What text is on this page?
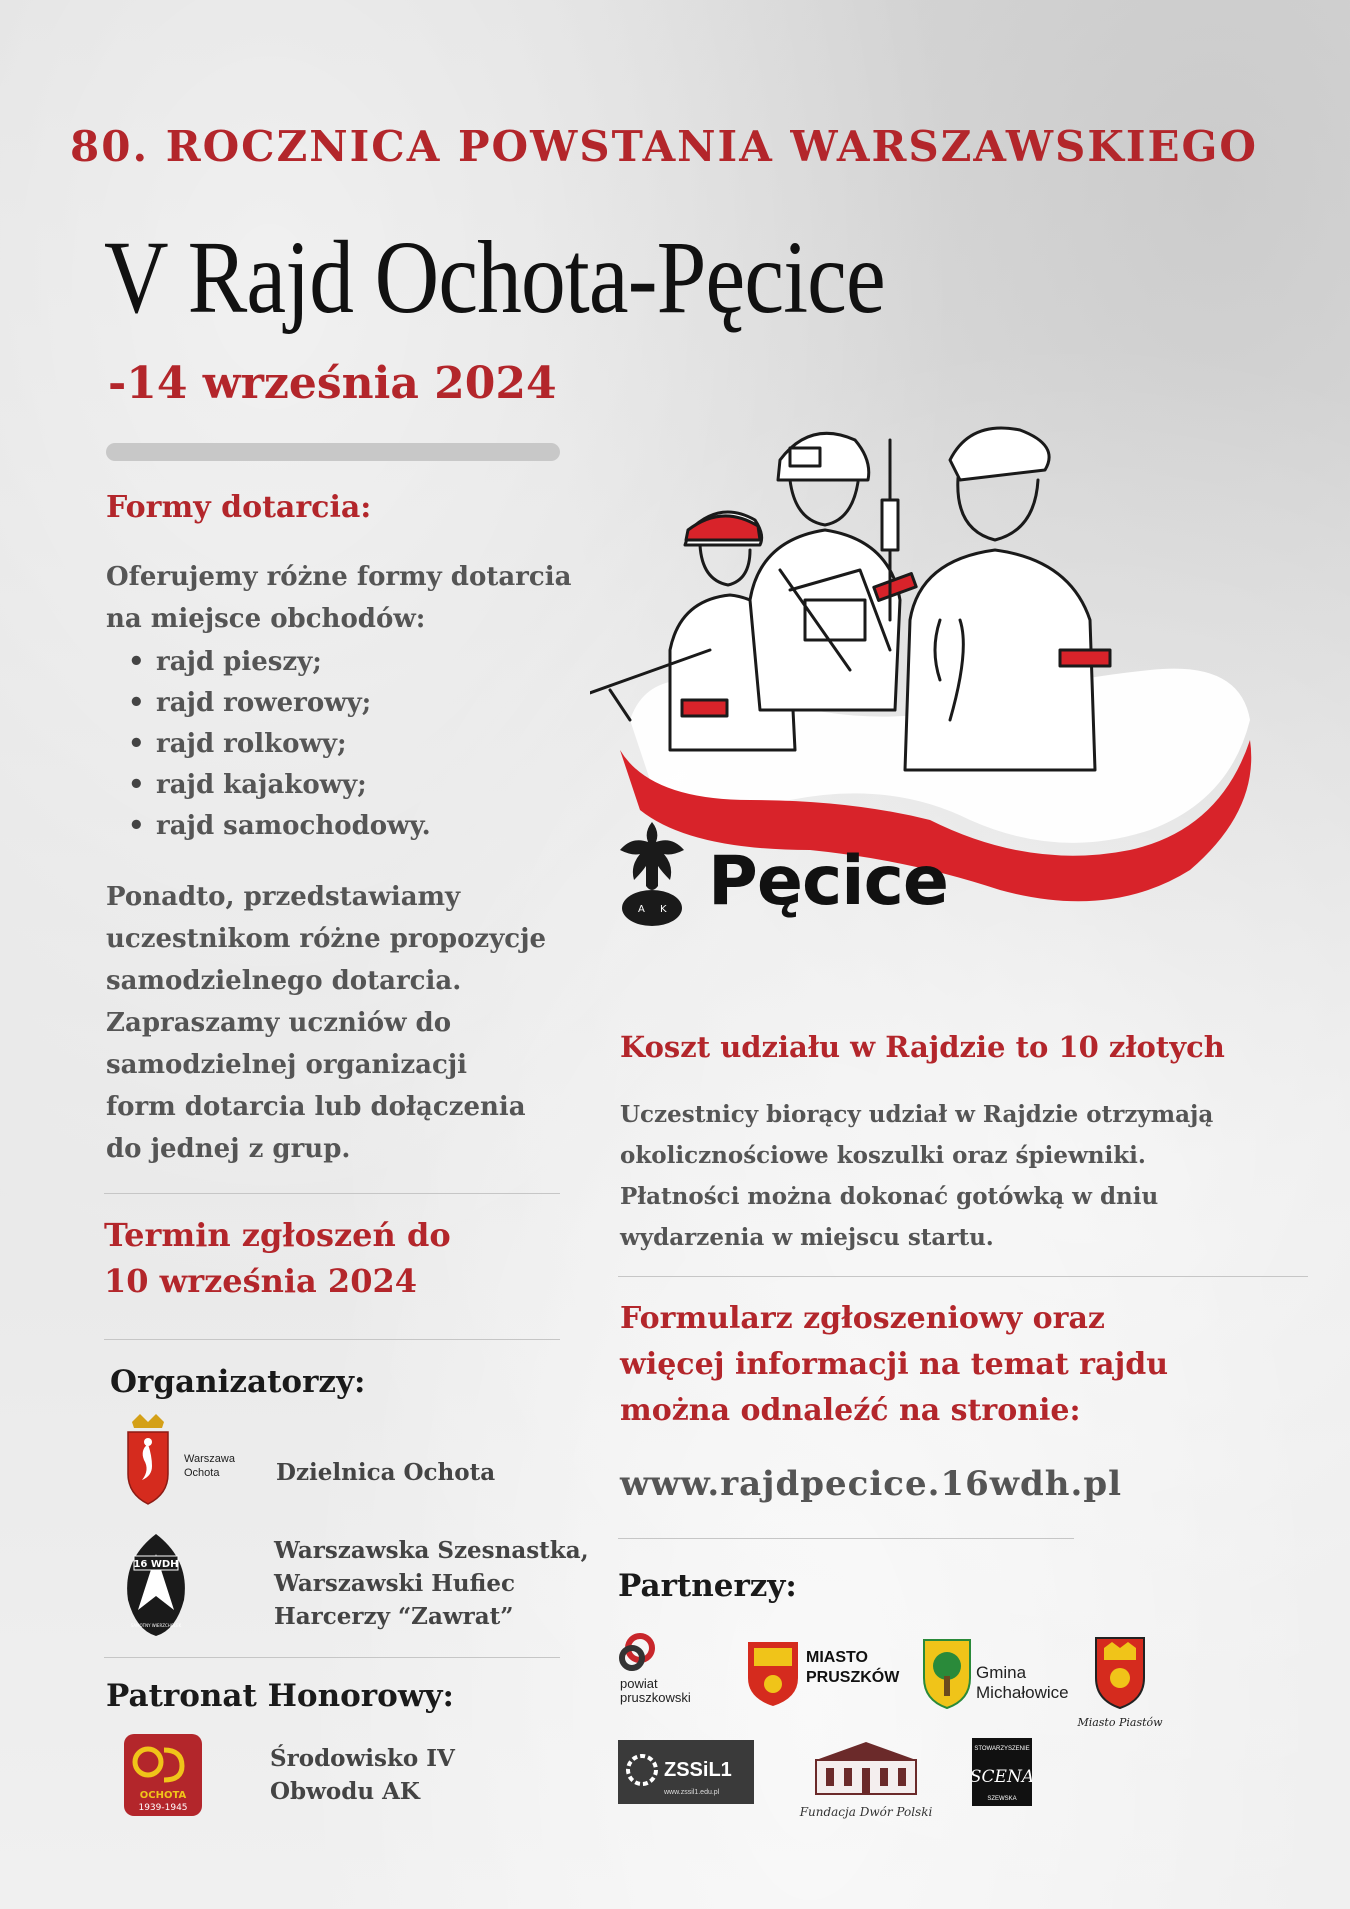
80. ROCZNICA POWSTANIA WARSZAWSKIEGO
V Rajd Ochota-Pęcice
-14 września 2024
Formy dotarcia:
Oferujemy różne formy dotarcia
na miejsce obchodów:
• rajd pieszy;
• rajd rowerowy;
• rajd rolkowy;
• rajd kajakowy;
• rajd samochodowy.
Ponadto, przedstawiamy
uczestnikom różne propozycje
samodzielnego dotarcia.
Zapraszamy uczniów do
samodzielnej organizacji
form dotarcia lub dołączenia
do jednej z grup.
Termin zgłoszeń do
10 września 2024
Organizatorzy:
Warszawa
Ochota Dzielnica Ochota
16 WDH
SAMOTNY WIERZCHOLEK
Warszawska Szesnastka,
Warszawski Hufiec
Harcerzy “Zawrat”
Patronat Honorowy:
OCHOTA
1939-1945
Środowisko IV
Obwodu AK
A K Pęcice
Koszt udziału w Rajdzie to 10 złotych
Uczestnicy biorący udział w Rajdzie otrzymają
okolicznościowe koszulki oraz śpiewniki.
Płatności można dokonać gotówką w dniu
wydarzenia w miejscu startu.
Formularz zgłoszeniowy oraz
więcej informacji na temat rajdu
można odnaleźć na stronie:
www.rajdpecice.16wdh.pl
Partnerzy:
powiat
pruszkowski
MIASTO
PRUSZKÓW	Gmina
Michałowice
Miasto Piastów
ZSSiL1
www.zssil1.edu.pl
Fundacja Dwór Polski
STOWARZYSZENIE
SCENA
SZEWSKA
